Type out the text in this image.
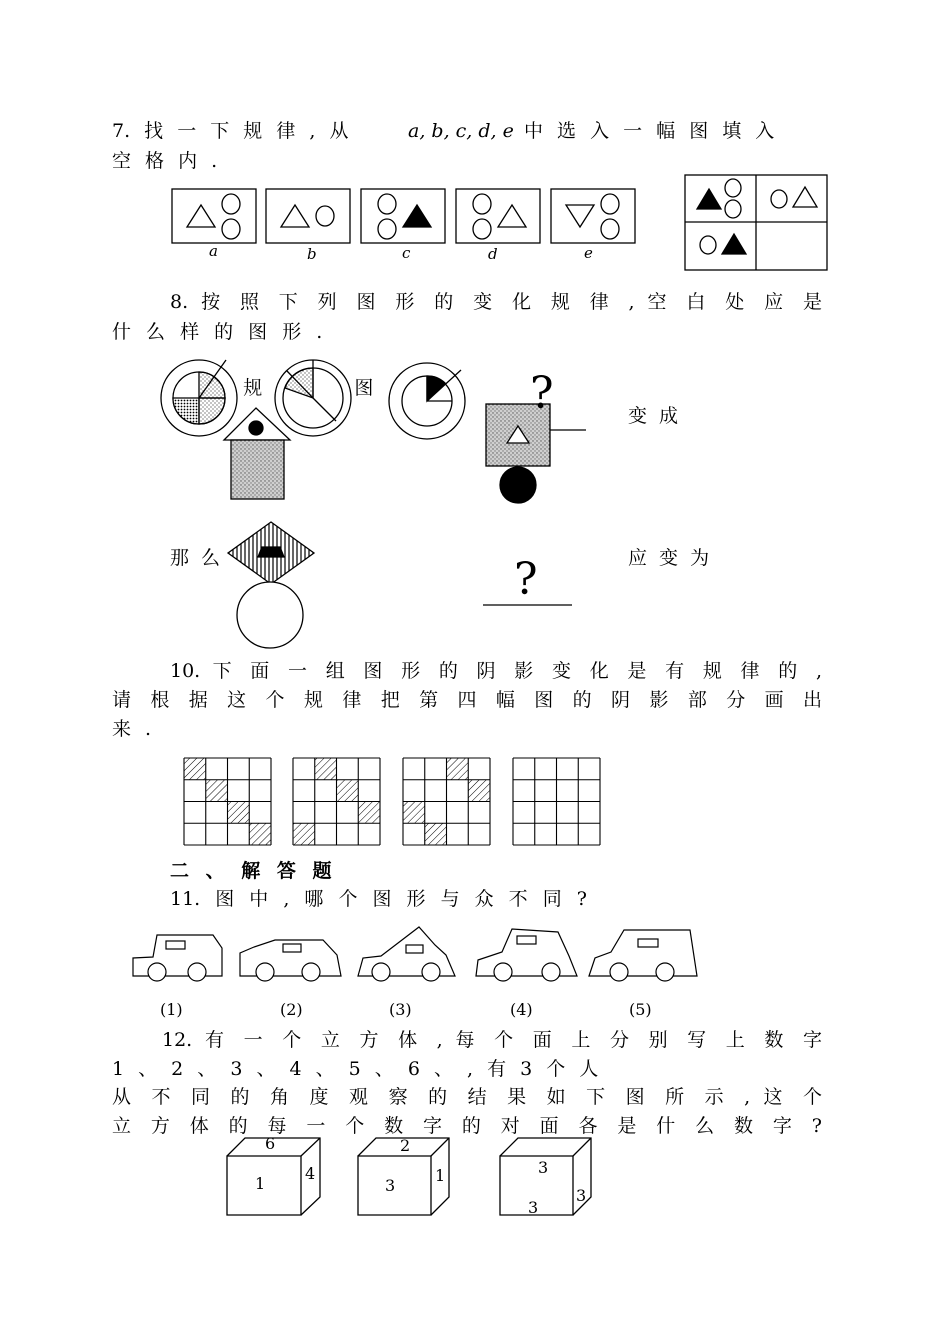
7. 找 一 下 规 律 , 从	a, b, c, d, e 中 选 入 一 幅 图 填 入
空 格 内 .
a	b	c	d	e
8. 按 照 下 列 图 形 的 变 化 规 律 , 空 白 处 应 是
什 么 样 的 图 形 .
规 图
变 成
那 么	应 变 为
?
?
10. 下 面 一 组 图 形 的 阴 影 变 化 是 有 规 律 的 ,
请 根 据 这 个 规 律 把 第 四 幅 图 的 阴 影 部 分 画 出
来 .
二 、 解 答 题
11. 图 中 , 哪 个 图 形 与 众 不 同 ?
(1)	(2)	(3)	(4)	(5)
12. 有 一 个 立 方 体 , 每 个 面 上 分 别 写 上 数 字
1 、 2 、 3 、 4 、 5 、 6 、 , 有 3 个 人
从 不 同 的 角 度 观 察 的 结 果 如 下 图 所 示 , 这 个
立 方 体 的 每 一 个 数 字 的 对 面 各 是 什 么 数 字 ?
6
1
4
2
3
1	3
3
3
